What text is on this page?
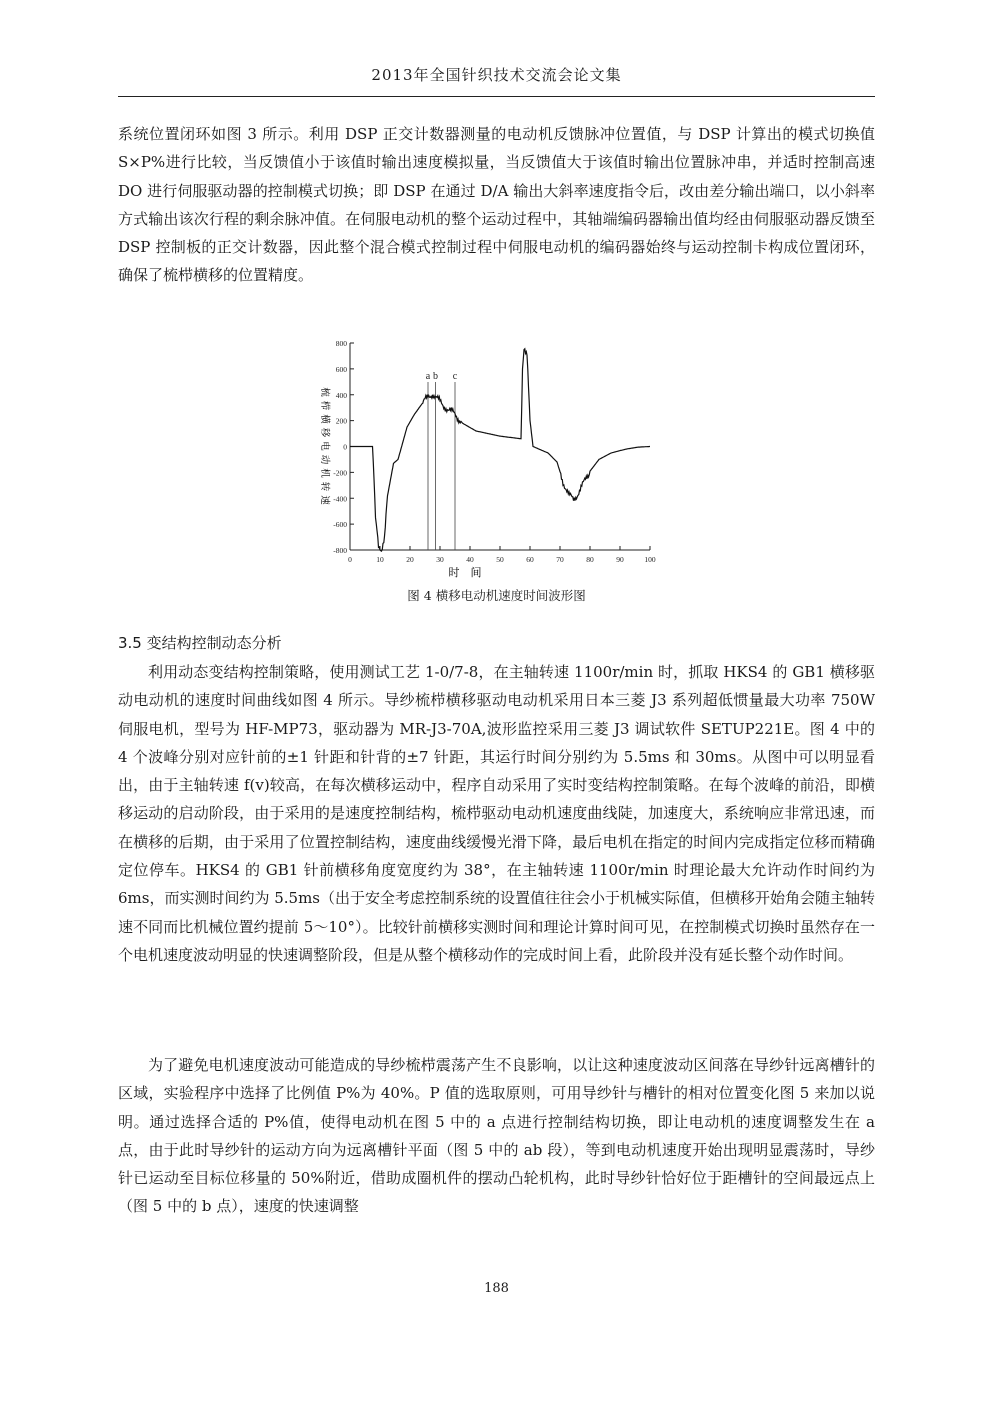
2013年全国针织技术交流会论文集

系统位置闭环如图 3 所示。利用 DSP 正交计数器测量的电动机反馈脉冲位置值，与 DSP 计算出的模式切换值 S×P%进行比较，当反馈值小于该值时输出速度模拟量，当反馈值大于该值时输出位置脉冲串，并适时控制高速 DO 进行伺服驱动器的控制模式切换；即 DSP 在通过 D/A 输出大斜率速度指令后，改由差分输出端口，以小斜率方式输出该次行程的剩余脉冲值。在伺服电动机的整个运动过程中，其轴端编码器输出值均经由伺服驱动器反馈至 DSP 控制板的正交计数器，因此整个混合模式控制过程中伺服电动机的编码器始终与运动控制卡构成位置闭环，确保了梳栉横移的位置精度。

800
600
400
200
0
-200
-400
-600
-800
0	10	20	30	40	50	60	70	80	90	100
a b c
时    间
梳栉横移电动机转速
图 4 横移电动机速度时间波形图
3.5 变结构控制动态分析

利用动态变结构控制策略，使用测试工艺 1-0/7-8，在主轴转速 1100r/min 时，抓取 HKS4 的 GB1 横移驱动电动机的速度时间曲线如图 4 所示。导纱梳栉横移驱动电动机采用日本三菱 J3 系列超低惯量最大功率 750W 伺服电机，型号为 HF-MP73，驱动器为 MR-J3-70A,波形监控采用三菱 J3 调试软件 SETUP221E。图 4 中的 4 个波峰分别对应针前的±1 针距和针背的±7 针距，其运行时间分别约为 5.5ms 和 30ms。从图中可以明显看出，由于主轴转速 f(v)较高，在每次横移运动中，程序自动采用了实时变结构控制策略。在每个波峰的前沿，即横移运动的启动阶段，由于采用的是速度控制结构，梳栉驱动电动机速度曲线陡，加速度大，系统响应非常迅速，而在横移的后期，由于采用了位置控制结构，速度曲线缓慢光滑下降，最后电机在指定的时间内完成指定位移而精确定位停车。HKS4 的 GB1 针前横移角度宽度约为 38°，在主轴转速 1100r/min 时理论最大允许动作时间约为 6ms，而实测时间约为 5.5ms（出于安全考虑控制系统的设置值往往会小于机械实际值，但横移开始角会随主轴转速不同而比机械位置约提前 5～10°）。比较针前横移实测时间和理论计算时间可见，在控制模式切换时虽然存在一个电机速度波动明显的快速调整阶段，但是从整个横移动作的完成时间上看，此阶段并没有延长整个动作时间。

为了避免电机速度波动可能造成的导纱梳栉震荡产生不良影响，以让这种速度波动区间落在导纱针远离槽针的区域，实验程序中选择了比例值 P%为 40%。P 值的选取原则，可用导纱针与槽针的相对位置变化图 5 来加以说明。通过选择合适的 P%值，使得电动机在图 5 中的 a 点进行控制结构切换，即让电动机的速度调整发生在 a 点，由于此时导纱针的运动方向为远离槽针平面（图 5 中的 ab 段），等到电动机速度开始出现明显震荡时，导纱针已运动至目标位移量的 50%附近，借助成圈机件的摆动凸轮机构，此时导纱针恰好位于距槽针的空间最远点上（图 5 中的 b 点），速度的快速调整

188
